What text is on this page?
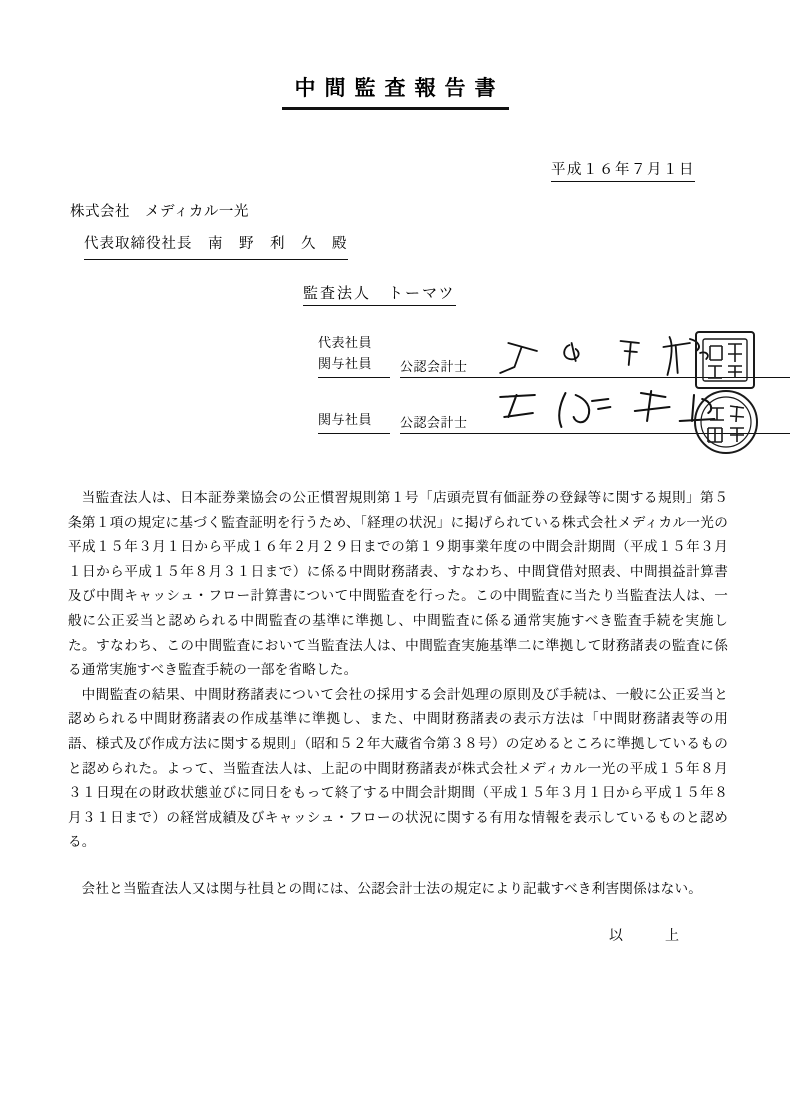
中間監査報告書
平成１６年７月１日
株式会社　メディカル一光
代表取締役社長　南　野　利　久　殿
監査法人　トーマツ
代表社員
関与社員	公認会計士
関与社員	公認会計士

当監査法人は、日本証券業協会の公正慣習規則第１号「店頭売買有価証券の登録等に関する規則」第５条第１項の規定に基づく監査証明を行うため、「経理の状況」に掲げられている株式会社メディカル一光の平成１５年３月１日から平成１６年２月２９日までの第１９期事業年度の中間会計期間（平成１５年３月１日から平成１５年８月３１日まで）に係る中間財務諸表、すなわち、中間貸借対照表、中間損益計算書及び中間キャッシュ・フロー計算書について中間監査を行った。この中間監査に当たり当監査法人は、一般に公正妥当と認められる中間監査の基準に準拠し、中間監査に係る通常実施すべき監査手続を実施した。すなわち、この中間監査において当監査法人は、中間監査実施基準二に準拠して財務諸表の監査に係る通常実施すべき監査手続の一部を省略した。

中間監査の結果、中間財務諸表について会社の採用する会計処理の原則及び手続は、一般に公正妥当と認められる中間財務諸表の作成基準に準拠し、また、中間財務諸表の表示方法は「中間財務諸表等の用語、様式及び作成方法に関する規則」（昭和５２年大蔵省令第３８号）の定めるところに準拠しているものと認められた。よって、当監査法人は、上記の中間財務諸表が株式会社メディカル一光の平成１５年８月３１日現在の財政状態並びに同日をもって終了する中間会計期間（平成１５年３月１日から平成１５年８月３１日まで）の経営成績及びキャッシュ・フローの状況に関する有用な情報を表示しているものと認める。

会社と当監査法人又は関与社員との間には、公認会計士法の規定により記載すべき利害関係はない。

以　上
